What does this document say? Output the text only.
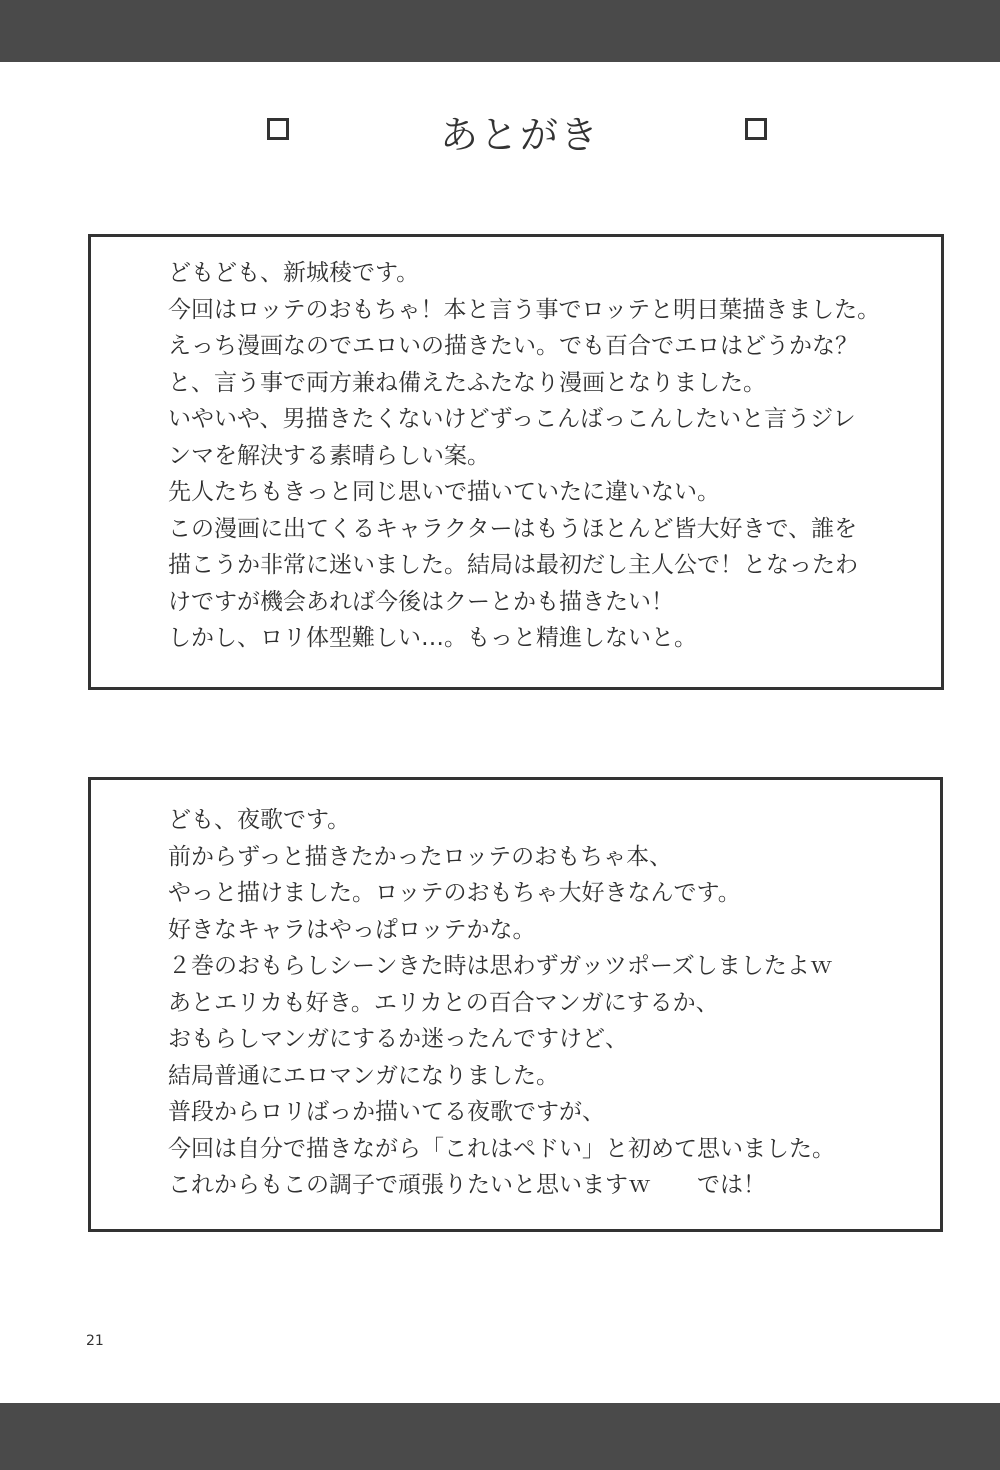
あとがき
どもども、新城稜です。
今回はロッテのおもちゃ！本と言う事でロッテと明日葉描きました。
えっち漫画なのでエロいの描きたい。でも百合でエロはどうかな？
と、言う事で両方兼ね備えたふたなり漫画となりました。
いやいや、男描きたくないけどずっこんばっこんしたいと言うジレ
ンマを解決する素晴らしい案。
先人たちもきっと同じ思いで描いていたに違いない。
この漫画に出てくるキャラクターはもうほとんど皆大好きで、誰を
描こうか非常に迷いました。結局は最初だし主人公で！となったわ
けですが機会あれば今後はクーとかも描きたい！
しかし、ロリ体型難しい…。もっと精進しないと。
ども、夜歌です。
前からずっと描きたかったロッテのおもちゃ本、
やっと描けました。ロッテのおもちゃ大好きなんです。
好きなキャラはやっぱロッテかな。
２巻のおもらしシーンきた時は思わずガッツポーズしましたよｗ
あとエリカも好き。エリカとの百合マンガにするか、
おもらしマンガにするか迷ったんですけど、
結局普通にエロマンガになりました。
普段からロリばっか描いてる夜歌ですが、
今回は自分で描きながら「これはペドい」と初めて思いました。
これからもこの調子で頑張りたいと思いますｗ　　では！
21
